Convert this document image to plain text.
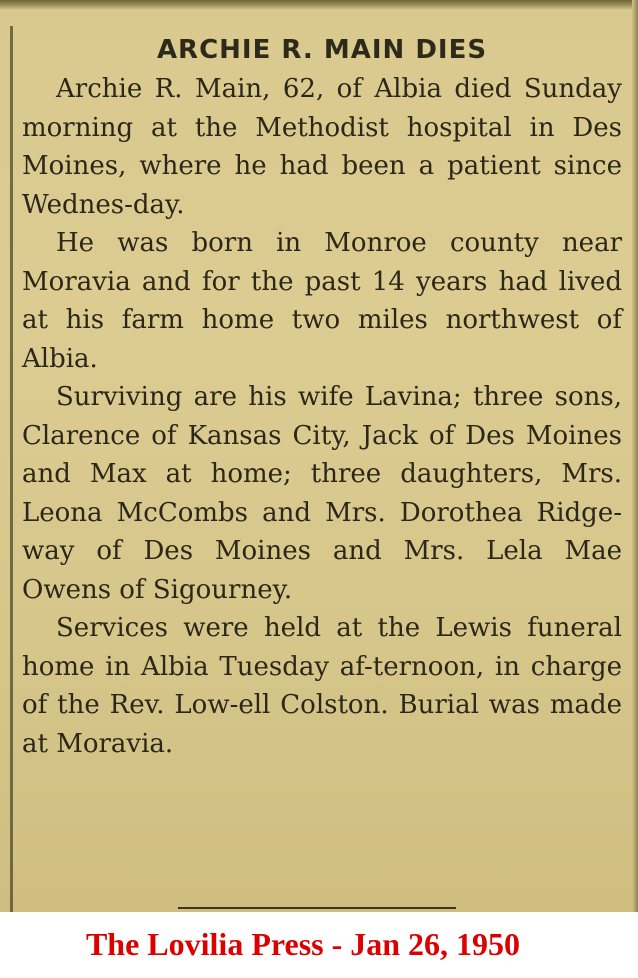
ARCHIE R. MAIN DIES

Archie R. Main, 62, of Albia died Sunday morning at the Methodist hospital in Des Moines, where he had been a patient since Wednes-day.

He was born in Monroe county near Moravia and for the past 14 years had lived at his farm home two miles northwest of Albia.

Surviving are his wife Lavina; three sons, Clarence of Kansas City, Jack of Des Moines and Max at home; three daughters, Mrs. Leona McCombs and Mrs. Dorothea Ridge-way of Des Moines and Mrs. Lela Mae Owens of Sigourney.

Services were held at the Lewis funeral home in Albia Tuesday af-ternoon, in charge of the Rev. Low-ell Colston. Burial was made at Moravia.

The Lovilia Press - Jan 26, 1950
